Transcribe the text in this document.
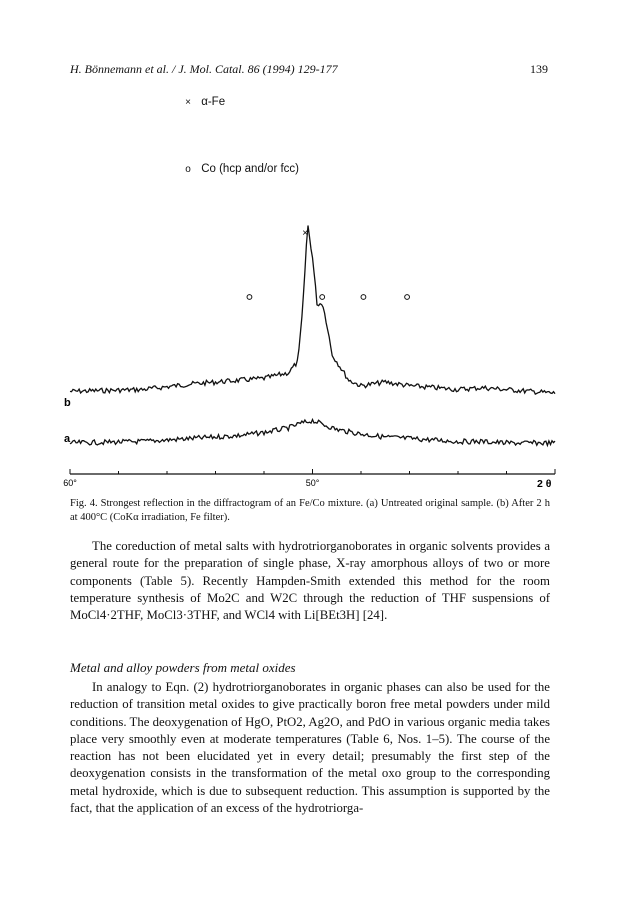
H. Bönnemann et al. / J. Mol. Catal. 86 (1994) 129-177	139
× α-Fe
o Co (hcp and/or fcc)
60°	50°	2 θ
b
a
×
Fig. 4. Strongest reflection in the diffractogram of an Fe/Co mixture. (a) Untreated original sample. (b) After 2 h at 400°C (CoKα irradiation, Fe filter).

The coreduction of metal salts with hydrotriorganoborates in organic solvents provides a general route for the preparation of single phase, X-ray amorphous alloys of two or more components (Table 5). Recently Hampden-Smith extended this method for the room temperature synthesis of Mo2C and W2C through the reduction of THF suspensions of MoCl4·2THF, MoCl3·3THF, and WCl4 with Li[BEt3H] [24].

Metal and alloy powders from metal oxides

In analogy to Eqn. (2) hydrotriorganoborates in organic phases can also be used for the reduction of transition metal oxides to give practically boron free metal powders under mild conditions. The deoxygenation of HgO, PtO2, Ag2O, and PdO in various organic media takes place very smoothly even at moderate temperatures (Table 6, Nos. 1–5). The course of the reaction has not been elucidated yet in every detail; presumably the first step of the deoxygenation consists in the transformation of the metal oxo group to the corresponding metal hydroxide, which is due to subsequent reduction. This assumption is supported by the fact, that the application of an excess of the hydrotriorga-
